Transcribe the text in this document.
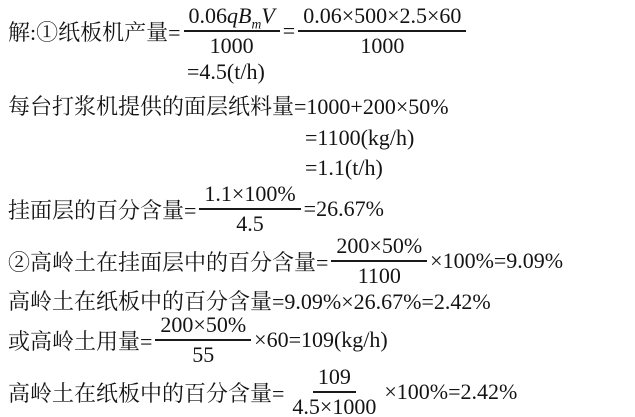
解:①纸板机产量= $\frac{0.06qB_mV}{1000} = \frac{0.06\times 500\times 2.5\times 60}{1000}$
=4.5(t/h)
每台打浆机提供的面层纸料量=1000+200×50%
=1100(kg/h)
=1.1(t/h)
挂面层的百分含量= $\frac{1.1\times 100\%}{4.5} =26.67\%$
②高岭土在挂面层中的百分含量= $\frac{200\times 50\%}{1100} \times 100\%=9.09\%$
高岭土在纸板中的百分含量=9.09%×26.67%=2.42%
或高岭土用量= $\frac{200\times 50\%}{55} \times 60=109(kg/h)$
高岭土在纸板中的百分含量= $\frac{109}{4.5\times 1000} \times 100\%=2.42\%$
